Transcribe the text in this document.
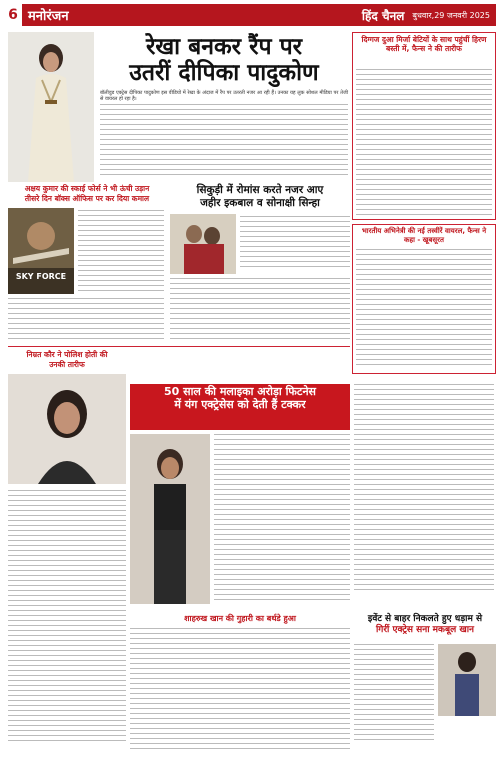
6 मनोरंजन	हिंद चैनल बुधवार,29 जनवरी 2025
रेखा बनकर रैंप पर
उतरीं दीपिका पादुकोण
बॉलीवुड एक्ट्रेस दीपिका पादुकोण इस वीडियो में रेखा के अंदाज में रैंप पर उतरती नजर आ रही हैं। उनका यह लुक सोशल मीडिया पर तेजी से वायरल हो रहा है।
दिग्गज दुआ मिर्जा बेटियों के साथ पहुंचीं हिरण बस्ती में, फैन्स ने की तारीफ
भारतीय अभिनेत्री की नई तस्वीरें वायरल, फैन्स ने कहा - खूबसूरत
अक्षय कुमार की स्काई फोर्स ने भी ऊंची उड़ान
तीसरे दिन बॉक्स ऑफिस पर कर दिया कमाल
SKY FORCE
सिकुड़ी में रोमांस करते नजर आए
जहीर इकबाल व सोनाक्षी सिन्हा
निम्रत कौर ने पोलिश होती की
उनकी तारीफ
50 साल की मलाइका अरोड़ा फिटनेस
में यंग एक्ट्रेसेस को देती हैं टक्कर
शाहरुख खान की गुहारी का बर्थडे हुआ	इवेंट से बाहर निकलते हुए धड़ाम से
गिरीं एक्ट्रेस सना मकबूल खान
